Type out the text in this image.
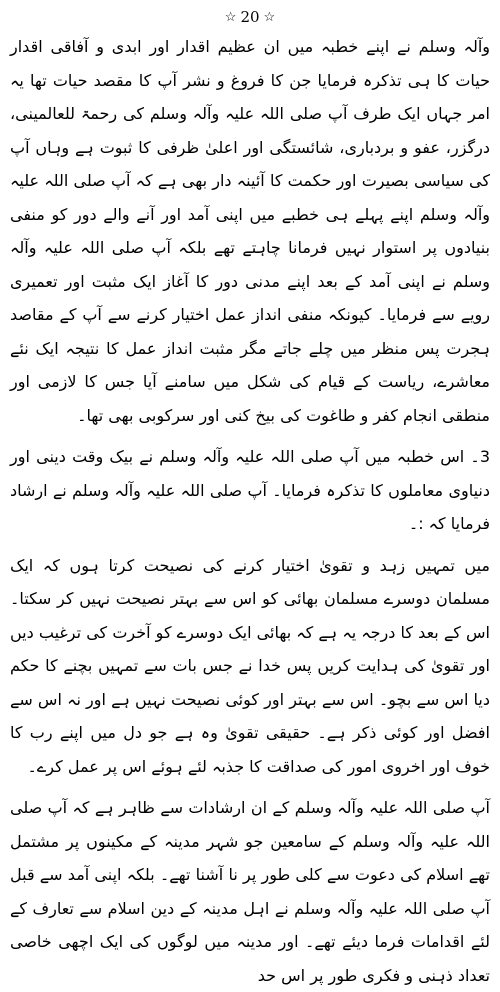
☆ 20 ☆

وآلہ وسلم نے اپنے خطبہ میں ان عظیم اقدار اور ابدی و آفاقی اقدار حیات کا ہی تذکرہ فرمایا جن کا فروغ و نشر آپ کا مقصد حیات تھا یہ امر جہاں ایک طرف آپ صلی اللہ علیہ وآلہ وسلم کی رحمۃ للعالمینی، درگزر، عفو و بردباری، شائستگی اور اعلیٰ ظرفی کا ثبوت ہے وہاں آپ کی سیاسی بصیرت اور حکمت کا آئینہ دار بھی ہے کہ آپ صلی اللہ علیہ وآلہ وسلم اپنے پہلے ہی خطبے میں اپنی آمد اور آنے والے دور کو منفی بنیادوں پر استوار نہیں فرمانا چاہتے تھے بلکہ آپ صلی اللہ علیہ وآلہ وسلم نے اپنی آمد کے بعد اپنے مدنی دور کا آغاز ایک مثبت اور تعمیری رویے سے فرمایا۔ کیونکہ منفی انداز عمل اختیار کرنے سے آپ کے مقاصد ہجرت پس منظر میں چلے جاتے مگر مثبت انداز عمل کا نتیجہ ایک نئے معاشرے، ریاست کے قیام کی شکل میں سامنے آیا جس کا لازمی اور منطقی انجام کفر و طاغوت کی بیخ کنی اور سرکوبی بھی تھا۔

3۔ اس خطبہ میں آپ صلی اللہ علیہ وآلہ وسلم نے بیک وقت دینی اور دنیاوی معاملوں کا تذکرہ فرمایا۔ آپ صلی اللہ علیہ وآلہ وسلم نے ارشاد فرمایا کہ :۔

میں تمہیں زہد و تقویٰ اختیار کرنے کی نصیحت کرتا ہوں کہ ایک مسلمان دوسرے مسلمان بھائی کو اس سے بہتر نصیحت نہیں کر سکتا۔ اس کے بعد کا درجہ یہ ہے کہ بھائی ایک دوسرے کو آخرت کی ترغیب دیں اور تقویٰ کی ہدایت کریں پس خدا نے جس بات سے تمہیں بچنے کا حکم دیا اس سے بچو۔ اس سے بہتر اور کوئی نصیحت نہیں ہے اور نہ اس سے افضل اور کوئی ذکر ہے۔ حقیقی تقویٰ وہ ہے جو دل میں اپنے رب کا خوف اور اخروی امور کی صداقت کا جذبہ لئے ہوئے اس پر عمل کرے۔

آپ صلی اللہ علیہ وآلہ وسلم کے ان ارشادات سے ظاہر ہے کہ آپ صلی اللہ علیہ وآلہ وسلم کے سامعین جو شہر مدینہ کے مکینوں پر مشتمل تھے اسلام کی دعوت سے کلی طور پر نا آشنا تھے۔ بلکہ اپنی آمد سے قبل آپ صلی اللہ علیہ وآلہ وسلم نے اہل مدینہ کے دین اسلام سے تعارف کے لئے اقدامات فرما دیئے تھے۔ اور مدینہ میں لوگوں کی ایک اچھی خاصی تعداد ذہنی و فکری طور پر اس حد
